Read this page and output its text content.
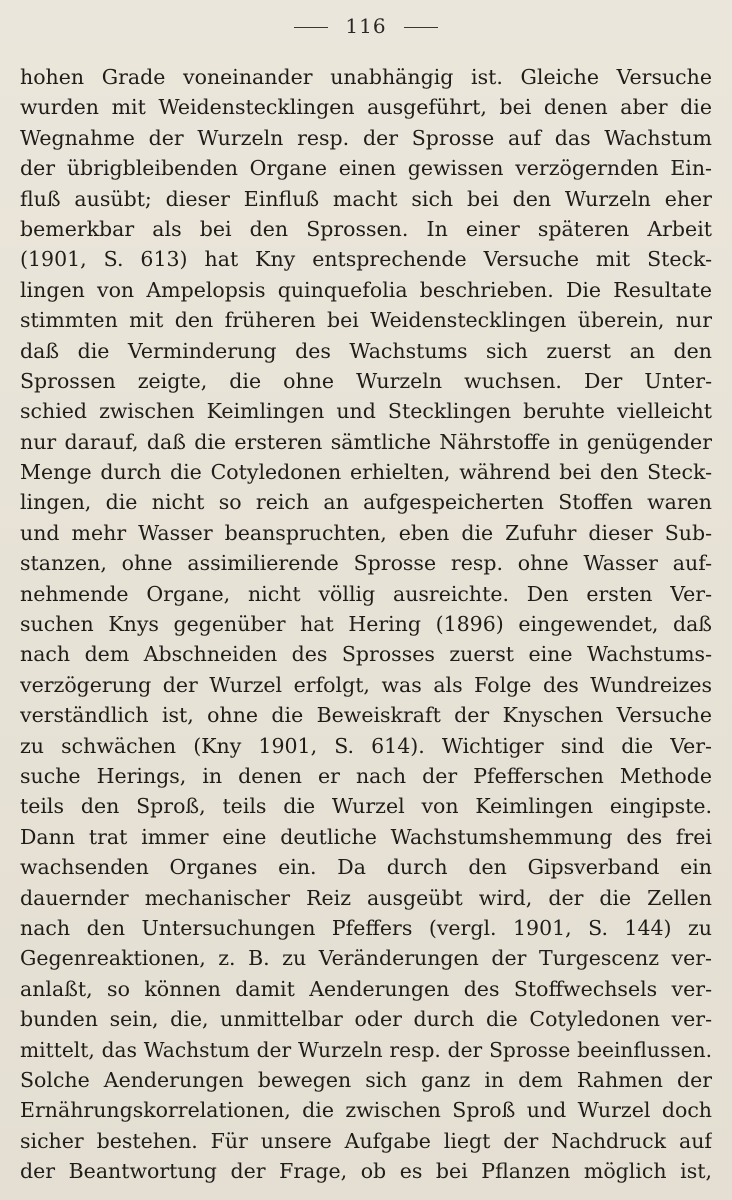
116
hohen Grade voneinander unabhängig ist. Gleiche Versuche
wurden mit Weidenstecklingen ausgeführt, bei denen aber die
Wegnahme der Wurzeln resp. der Sprosse auf das Wachstum
der übrigbleibenden Organe einen gewissen verzögernden Ein-
fluß ausübt; dieser Einfluß macht sich bei den Wurzeln eher
bemerkbar als bei den Sprossen. In einer späteren Arbeit
(1901, S. 613) hat Kny entsprechende Versuche mit Steck-
lingen von Ampelopsis quinquefolia beschrieben. Die Resultate
stimmten mit den früheren bei Weidenstecklingen überein, nur
daß die Verminderung des Wachstums sich zuerst an den
Sprossen zeigte, die ohne Wurzeln wuchsen. Der Unter-
schied zwischen Keimlingen und Stecklingen beruhte vielleicht
nur darauf, daß die ersteren sämtliche Nährstoffe in genügender
Menge durch die Cotyledonen erhielten, während bei den Steck-
lingen, die nicht so reich an aufgespeicherten Stoffen waren
und mehr Wasser beanspruchten, eben die Zufuhr dieser Sub-
stanzen, ohne assimilierende Sprosse resp. ohne Wasser auf-
nehmende Organe, nicht völlig ausreichte. Den ersten Ver-
suchen Knys gegenüber hat Hering (1896) eingewendet, daß
nach dem Abschneiden des Sprosses zuerst eine Wachstums-
verzögerung der Wurzel erfolgt, was als Folge des Wundreizes
verständlich ist, ohne die Beweiskraft der Knyschen Versuche
zu schwächen (Kny 1901, S. 614). Wichtiger sind die Ver-
suche Herings, in denen er nach der Pfefferschen Methode
teils den Sproß, teils die Wurzel von Keimlingen eingipste.
Dann trat immer eine deutliche Wachstumshemmung des frei
wachsenden Organes ein. Da durch den Gipsverband ein
dauernder mechanischer Reiz ausgeübt wird, der die Zellen
nach den Untersuchungen Pfeffers (vergl. 1901, S. 144) zu
Gegenreaktionen, z. B. zu Veränderungen der Turgescenz ver-
anlaßt, so können damit Aenderungen des Stoffwechsels ver-
bunden sein, die, unmittelbar oder durch die Cotyledonen ver-
mittelt, das Wachstum der Wurzeln resp. der Sprosse beeinflussen.
Solche Aenderungen bewegen sich ganz in dem Rahmen der
Ernährungskorrelationen, die zwischen Sproß und Wurzel doch
sicher bestehen. Für unsere Aufgabe liegt der Nachdruck auf
der Beantwortung der Frage, ob es bei Pflanzen möglich ist,
